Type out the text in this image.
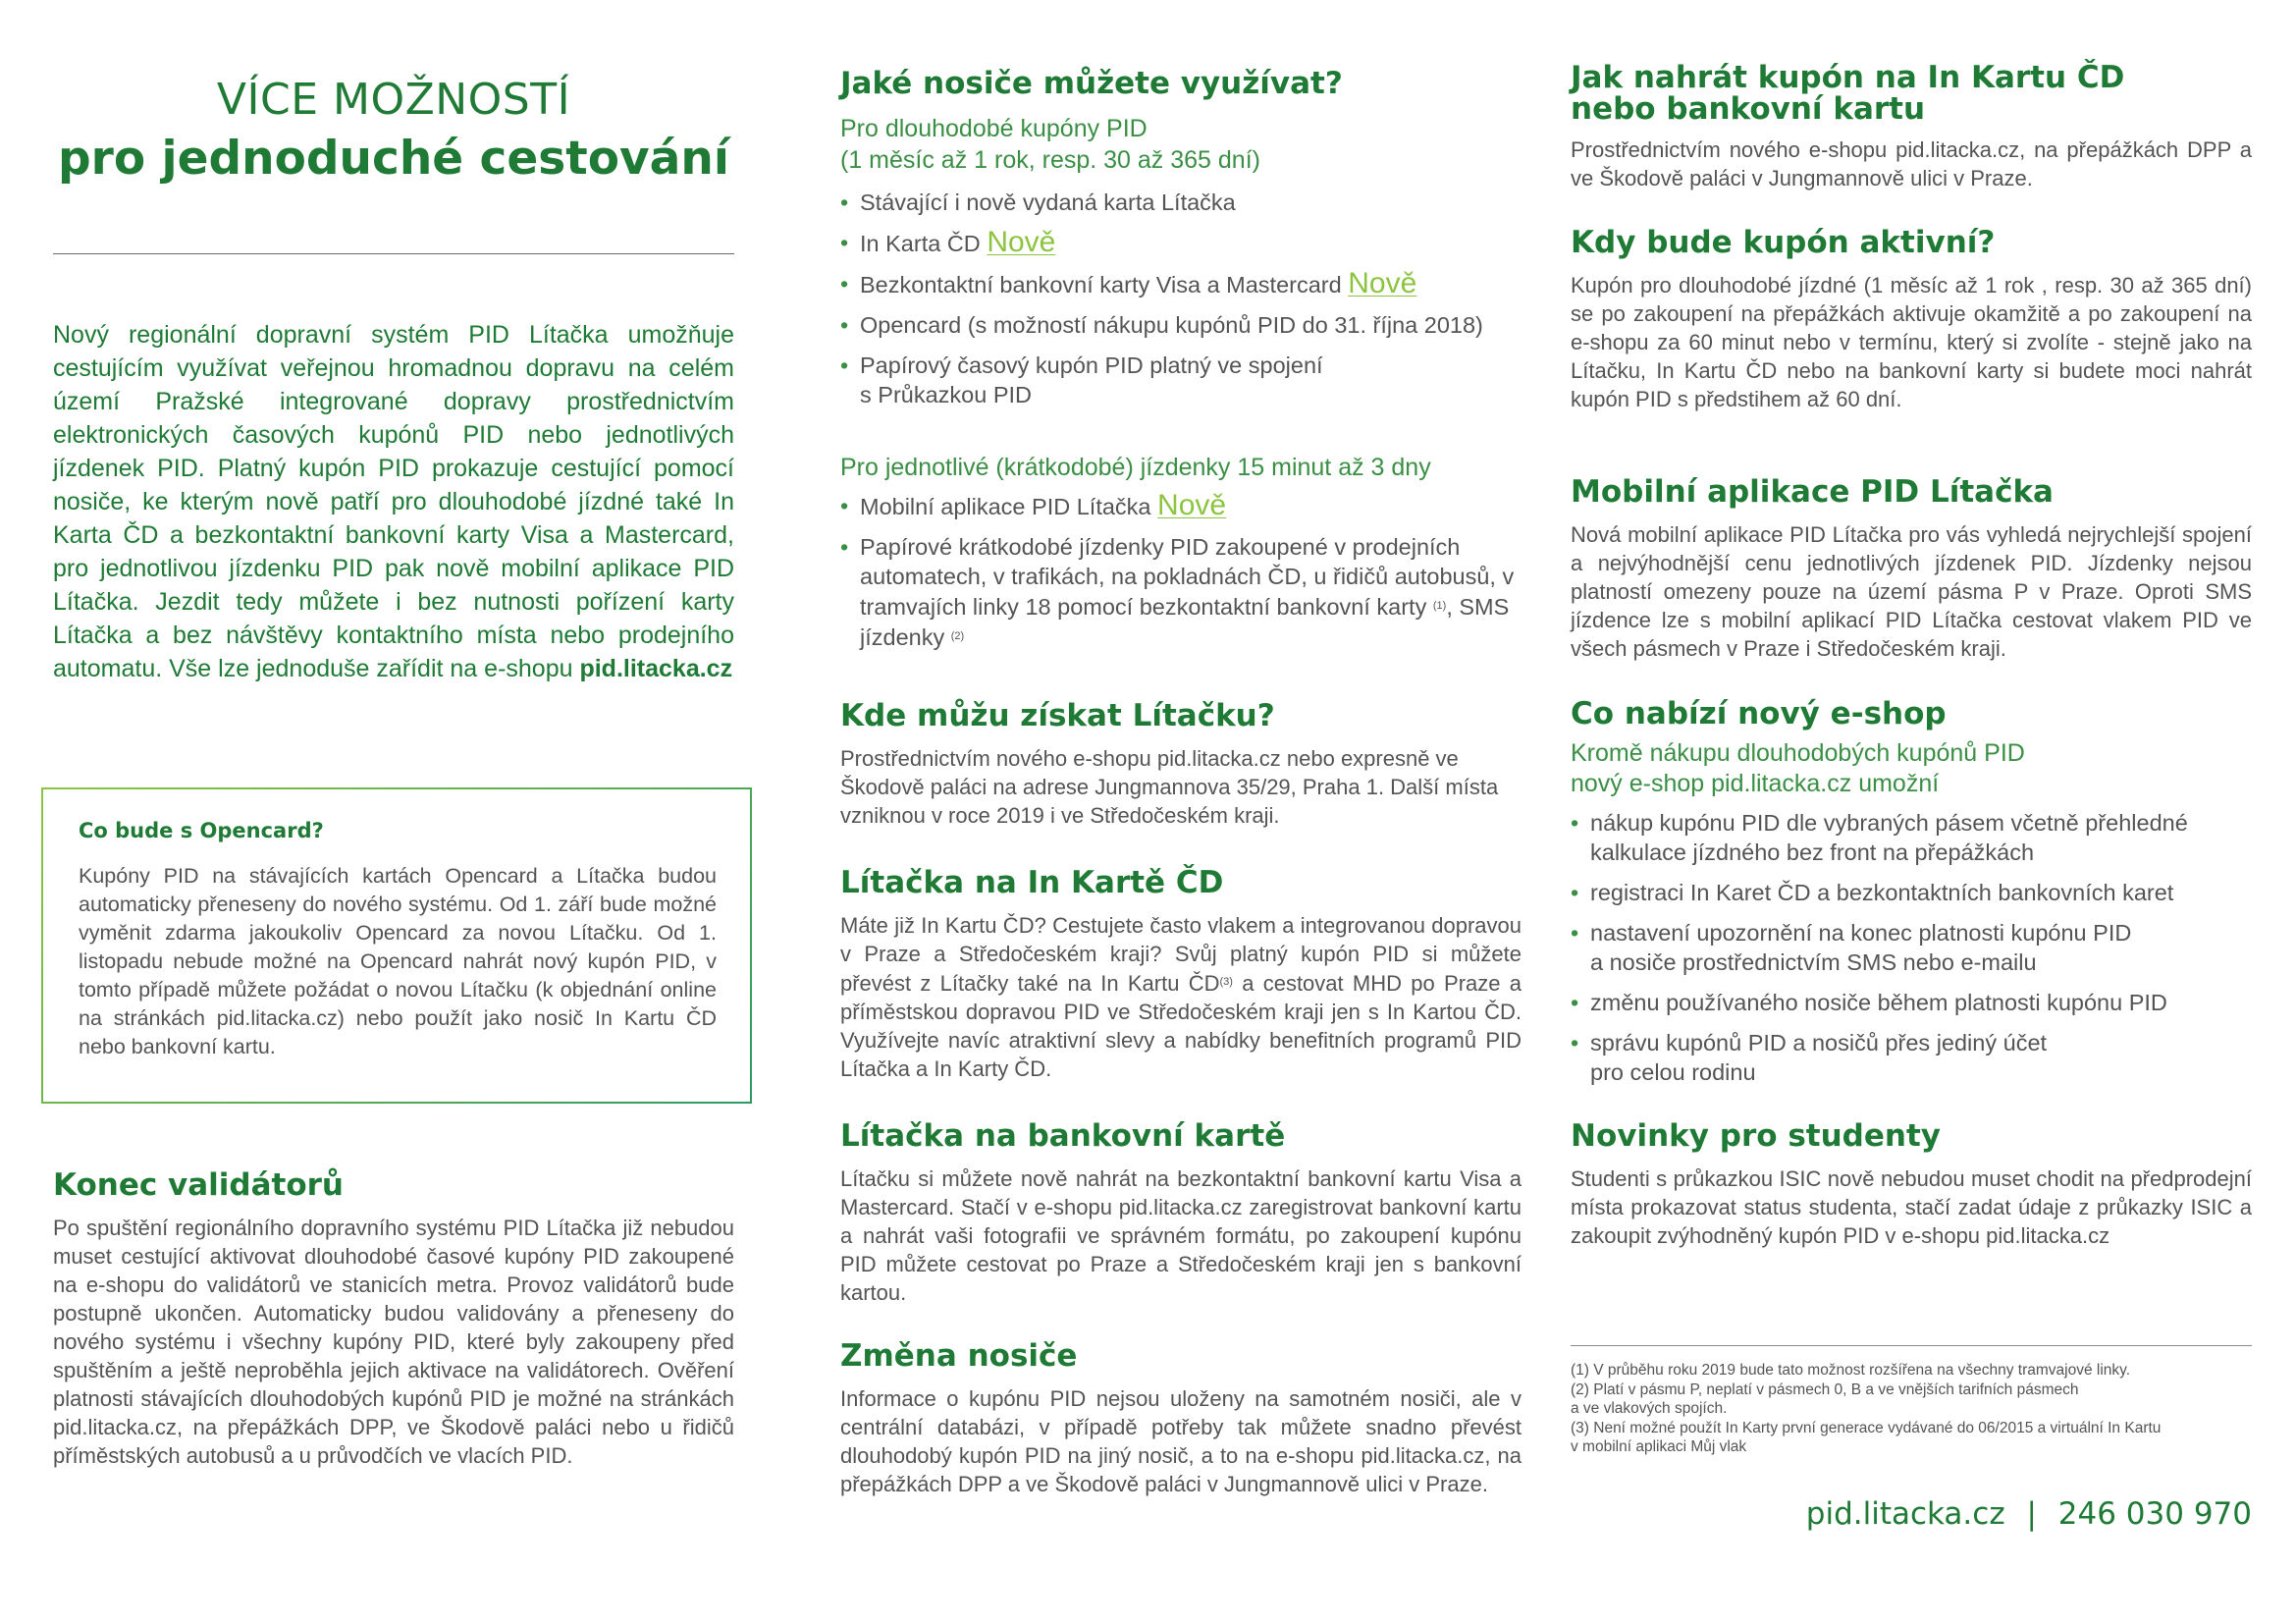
VÍCE MOŽNOSTÍ
pro jednoduché cestování

Nový regionální dopravní systém PID Lítačka umožňuje cestujícím využívat veřejnou hromadnou dopravu na celém území Pražské integrované dopravy prostřednictvím elektronických časových kupónů PID nebo jednotlivých jízdenek PID. Platný kupón PID prokazuje cestující pomocí nosiče, ke kterým nově patří pro dlouhodobé jízdné také In Karta ČD a bezkontaktní bankovní karty Visa a Mastercard, pro jednotlivou jízdenku PID pak nově mobilní aplikace PID Lítačka. Jezdit tedy můžete i bez nutnosti pořízení karty Lítačka a bez návštěvy kontaktního místa nebo prodejního automatu. Vše lze jednoduše zařídit na e-shopu pid.litacka.cz

Co bude s Opencard?

Kupóny PID na stávajících kartách Opencard a Lítačka budou automaticky přeneseny do nového systému. Od 1. září bude možné vyměnit zdarma jakoukoliv Opencard za novou Lítačku. Od 1. listopadu nebude možné na Opencard nahrát nový kupón PID, v tomto případě můžete požádat o novou Lítačku (k objednání online na stránkách pid.litacka.cz) nebo použít jako nosič In Kartu ČD nebo bankovní kartu.

Konec validátorů

Po spuštění regionálního dopravního systému PID Lítačka již nebudou muset cestující aktivovat dlouhodobé časové kupóny PID zakoupené na e-shopu do validátorů ve stanicích metra. Provoz validátorů bude postupně ukončen. Automaticky budou validovány a přeneseny do nového systému i všechny kupóny PID, které byly zakoupeny před spuštěním a ještě neproběhla jejich aktivace na validátorech. Ověření platnosti stávajících dlouhodobých kupónů PID je možné na stránkách pid.litacka.cz, na přepážkách DPP, ve Škodově paláci nebo u řidičů příměstských autobusů a u průvodčích ve vlacích PID.

Jaké nosiče můžete využívat?

Pro dlouhodobé kupóny PID

(1 měsíc až 1 rok, resp. 30 až 365 dní)

• Stávající i nově vydaná karta Lítačka
• In Karta ČD Nově
• Bezkontaktní bankovní karty Visa a Mastercard Nově
• Opencard (s možností nákupu kupónů PID do 31. října 2018)
• Papírový časový kupón PID platný ve spojení
s Průkazkou PID

Pro jednotlivé (krátkodobé) jízdenky 15 minut až 3 dny

• Mobilní aplikace PID Lítačka Nově
• Papírové krátkodobé jízdenky PID zakoupené v prodejních automatech, v trafikách, na pokladnách ČD, u řidičů autobusů, v tramvajích linky 18 pomocí bezkontaktní bankovní karty $^{(1)}$, SMS jízdenky $^{(2)}$
Kde můžu získat Lítačku?

Prostřednictvím nového e-shopu pid.litacka.cz nebo expresně ve Škodově paláci na adrese Jungmannova 35/29, Praha 1. Další místa vzniknou v roce 2019 i ve Středočeském kraji.

Lítačka na In Kartě ČD

Máte již In Kartu ČD? Cestujete často vlakem a integrovanou dopravou v Praze a Středočeském kraji? Svůj platný kupón PID si můžete převést z Lítačky také na In Kartu ČD$^{(3)}$ a cestovat MHD po Praze a příměstskou dopravou PID ve Středočeském kraji jen s In Kartou ČD. Využívejte navíc atraktivní slevy a nabídky benefitních programů PID Lítačka a In Karty ČD.

Lítačka na bankovní kartě

Lítačku si můžete nově nahrát na bezkontaktní bankovní kartu Visa a Mastercard. Stačí v e-shopu pid.litacka.cz zaregistrovat bankovní kartu a nahrát vaši fotografii ve správném formátu, po zakoupení kupónu PID můžete cestovat po Praze a Středočeském kraji jen s bankovní kartou.

Změna nosiče

Informace o kupónu PID nejsou uloženy na samotném nosiči, ale v centrální databázi, v případě potřeby tak můžete snadno převést dlouhodobý kupón PID na jiný nosič, a to na e-shopu pid.litacka.cz, na přepážkách DPP a ve Škodově paláci v Jungmannově ulici v Praze.

Jak nahrát kupón na In Kartu ČD
nebo bankovní kartu

Prostřednictvím nového e-shopu pid.litacka.cz, na přepážkách DPP a ve Škodově paláci v Jungmannově ulici v Praze.

Kdy bude kupón aktivní?

Kupón pro dlouhodobé jízdné (1 měsíc až 1 rok , resp. 30 až 365 dní) se po zakoupení na přepážkách aktivuje okamžitě a po zakoupení na e-shopu za 60 minut nebo v termínu, který si zvolíte - stejně jako na Lítačku, In Kartu ČD nebo na bankovní karty si budete moci nahrát kupón PID s předstihem až 60 dní.

Mobilní aplikace PID Lítačka

Nová mobilní aplikace PID Lítačka pro vás vyhledá nejrychlejší spojení a nejvýhodnější cenu jednotlivých jízdenek PID. Jízdenky nejsou platností omezeny pouze na území pásma P v Praze. Oproti SMS jízdence lze s mobilní aplikací PID Lítačka cestovat vlakem PID ve všech pásmech v Praze i Středočeském kraji.

Co nabízí nový e-shop

Kromě nákupu dlouhodobých kupónů PID

nový e-shop pid.litacka.cz umožní

• nákup kupónu PID dle vybraných pásem včetně přehledné
kalkulace jízdného bez front na přepážkách
• registraci In Karet ČD a bezkontaktních bankovních karet
• nastavení upozornění na konec platnosti kupónu PID
a nosiče prostřednictvím SMS nebo e-mailu
• změnu používaného nosiče během platnosti kupónu PID
• správu kupónů PID a nosičů přes jediný účet
pro celou rodinu
Novinky pro studenty

Studenti s průkazkou ISIC nově nebudou muset chodit na předprodejní místa prokazovat status studenta, stačí zadat údaje z průkazky ISIC a zakoupit zvýhodněný kupón PID v e-shopu pid.litacka.cz

(1) V průběhu roku 2019 bude tato možnost rozšířena na všechny tramvajové linky.
(2) Platí v pásmu P, neplatí v pásmech 0, B a ve vnějších tarifních pásmech
a ve vlakových spojích.
(3) Není možné použít In Karty první generace vydávané do 06/2015 a virtuální In Kartu
v mobilní aplikaci Můj vlak
pid.litacka.cz | 246 030 970
